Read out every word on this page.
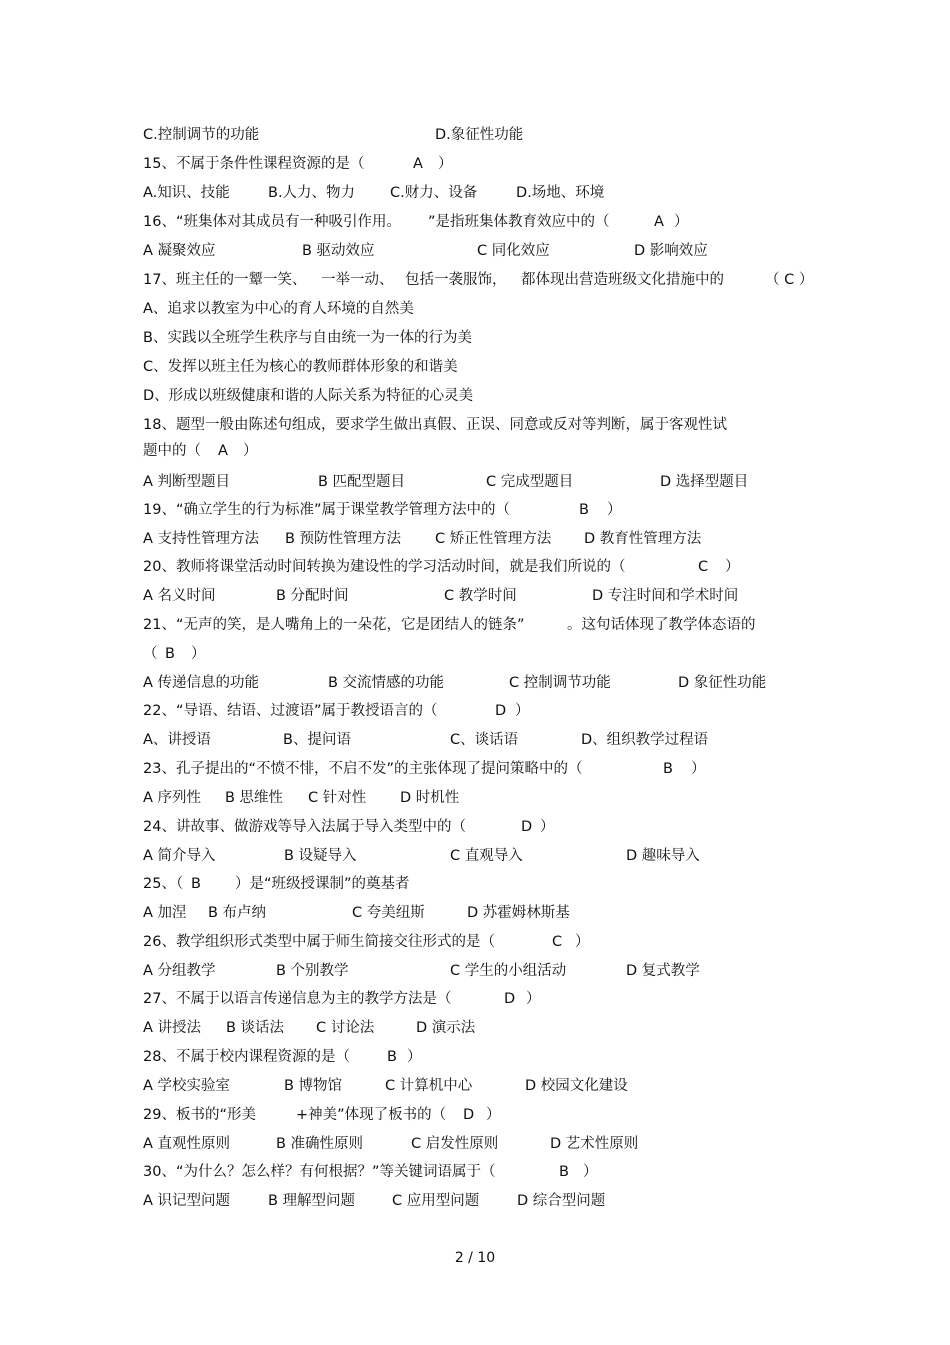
C.控制调节的功能	D.象征性功能
15、不属于条件性课程资源的是（	A ）
A.知识、技能	B.人力、物力 C.财力、设备	D.场地、环境
16、“班集体对其成员有一种吸引作用。 ”是指班集体教育效应中的（	A ）
A 凝聚效应	B 驱动效应	C 同化效应	D 影响效应
17、班主任的一颦一笑、 一举一动、 包括一袭服饰， 都体现出营造班级文化措施中的	（ C ）
A、追求以教室为中心的育人环境的自然美
B、实践以全班学生秩序与自由统一为一体的行为美
C、发挥以班主任为核心的教师群体形象的和谐美
D、形成以班级健康和谐的人际关系为特征的心灵美
18、题型一般由陈述句组成，要求学生做出真假、正误、同意或反对等判断，属于客观性试
题中的（ A ）
A 判断型题目	B 匹配型题目	C 完成型题目	D 选择型题目
19、“确立学生的行为标准”属于课堂教学管理方法中的（	B ）
A 支持性管理方法 B 预防性管理方法 C 矫正性管理方法 D 教育性管理方法
20、教师将课堂活动时间转换为建设性的学习活动时间，就是我们所说的（	C ）
A 名义时间	B 分配时间	C 教学时间	D 专注时间和学术时间
21、“无声的笑，是人嘴角上的一朵花，它是团结人的链条”	。这句话体现了教学体态语的
（ B ）
A 传递信息的功能	B 交流情感的功能	C 控制调节功能	D 象征性功能
22、“导语、结语、过渡语”属于教授语言的（	D ）
A、讲授语	B、提问语	C、谈话语	D、组织教学过程语
23、孔子提出的“不愤不悱，不启不发”的主张体现了提问策略中的（	B ）
A 序列性 B 思维性 C 针对性 D 时机性
24、讲故事、做游戏等导入法属于导入类型中的（	D ）
A 简介导入	B 设疑导入	C 直观导入	D 趣味导入
25、（ B ）是“班级授课制”的奠基者
A 加涅 B 布卢纳	C 夸美纽斯	D 苏霍姆林斯基
26、教学组织形式类型中属于师生简接交往形式的是（	C ）
A 分组教学	B 个别教学	C 学生的小组活动	D 复式教学
27、不属于以语言传递信息为主的教学方法是（	D ）
A 讲授法 B 谈话法 C 讨论法	D 演示法
28、不属于校内课程资源的是（	B ）
A 学校实验室	B 博物馆	C 计算机中心	D 校园文化建设
29、板书的“形美	+神美”体现了板书的（ D ）
A 直观性原则	B 准确性原则	C 启发性原则	D 艺术性原则
30、“为什么？怎么样？有何根据？”等关键词语属于（	B ）
A 识记型问题	B 理解型问题	C 应用型问题	D 综合型问题
2 / 10
